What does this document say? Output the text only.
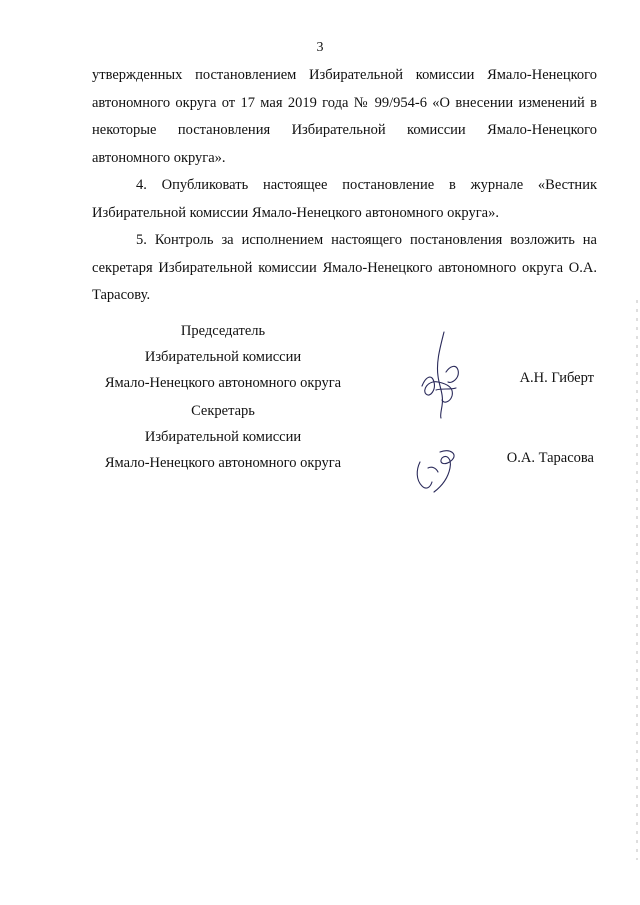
3

утвержденных постановлением Избирательной комиссии Ямало-Ненецкого автономного округа от 17 мая 2019 года № 99/954-6 «О внесении изменений в некоторые постановления Избирательной комиссии Ямало-Ненецкого автономного округа».

4. Опубликовать настоящее постановление в журнале «Вестник Избирательной комиссии Ямало-Ненецкого автономного округа».

5. Контроль за исполнением настоящего постановления возложить на секретаря Избирательной комиссии Ямало-Ненецкого автономного округа О.А. Тарасову.

Председатель
Избирательной комиссии
Ямало-Ненецкого автономного округа	А.Н. Гиберт
Секретарь
Избирательной комиссии
Ямало-Ненецкого автономного округа	О.А. Тарасова
